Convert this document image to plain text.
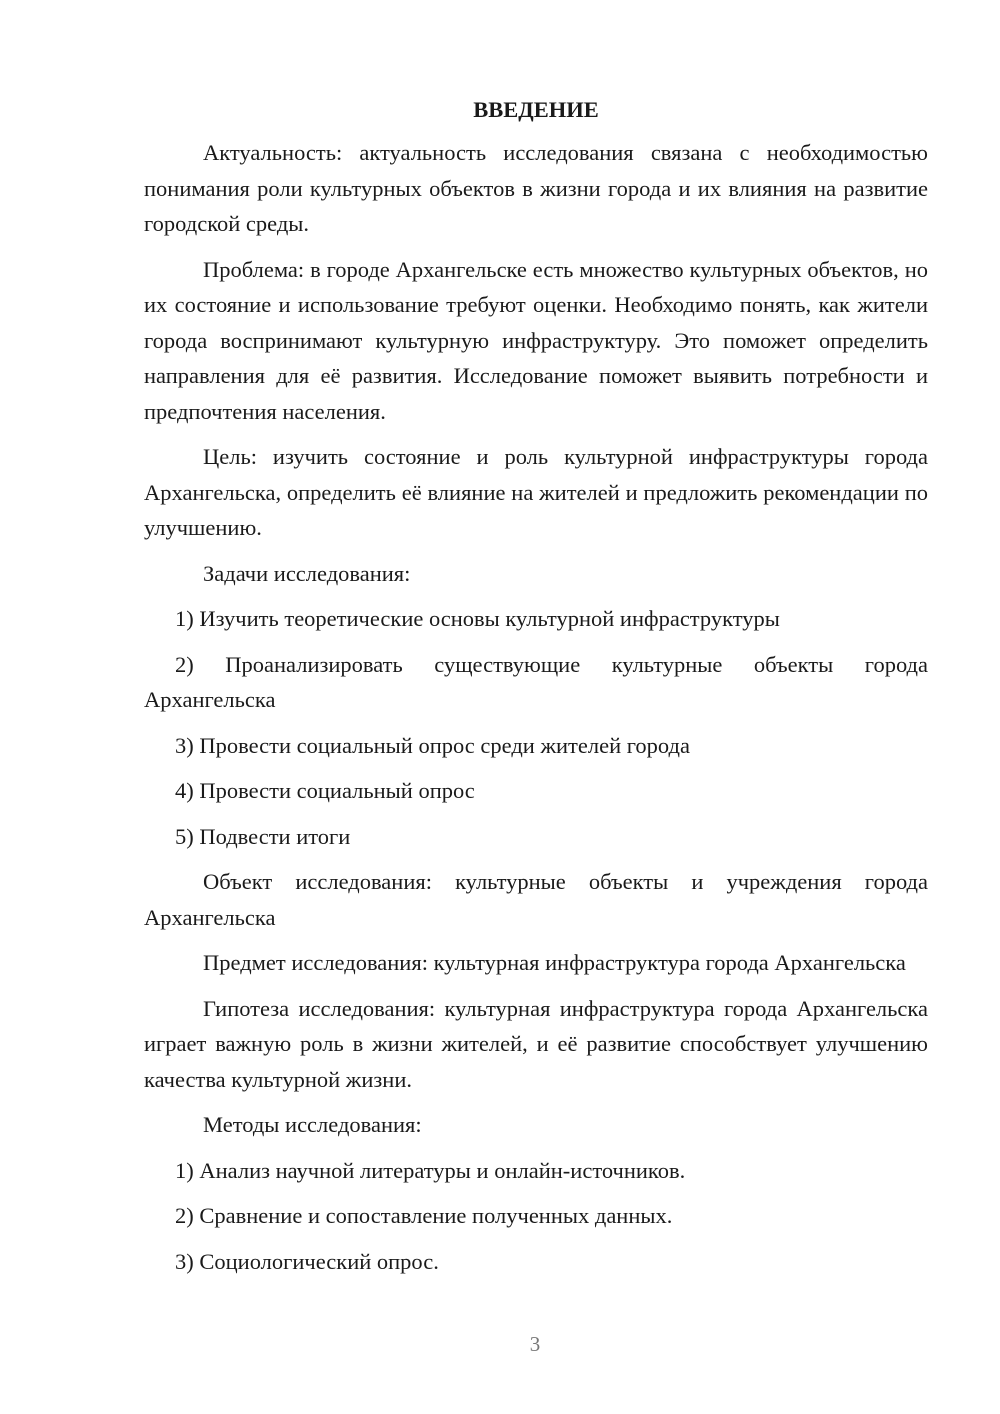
ВВЕДЕНИЕ

Актуальность: актуальность исследования связана с необходимостью понимания роли культурных объектов в жизни города и их влияния на развитие городской среды.

Проблема: в городе Архангельске есть множество культурных объектов, но их состояние и использование требуют оценки. Необходимо понять, как жители города воспринимают культурную инфраструктуру. Это поможет определить направления для её развития. Исследование поможет выявить потребности и предпочтения населения.

Цель: изучить состояние и роль культурной инфраструктуры города Архангельска, определить её влияние на жителей и предложить рекомендации по улучшению.

Задачи исследования:

1) Изучить теоретические основы культурной инфраструктуры

2) Проанализировать существующие культурные объекты города Архангельска

3) Провести социальный опрос среди жителей города

4) Провести социальный опрос

5) Подвести итоги

Объект исследования: культурные объекты и учреждения города Архангельска

Предмет исследования: культурная инфраструктура города Архангельска

Гипотеза исследования: культурная инфраструктура города Архангельска играет важную роль в жизни жителей, и её развитие способствует улучшению качества культурной жизни.

Методы исследования:

1) Анализ научной литературы и онлайн-источников.

2) Сравнение и сопоставление полученных данных.

3) Социологический опрос.

3
